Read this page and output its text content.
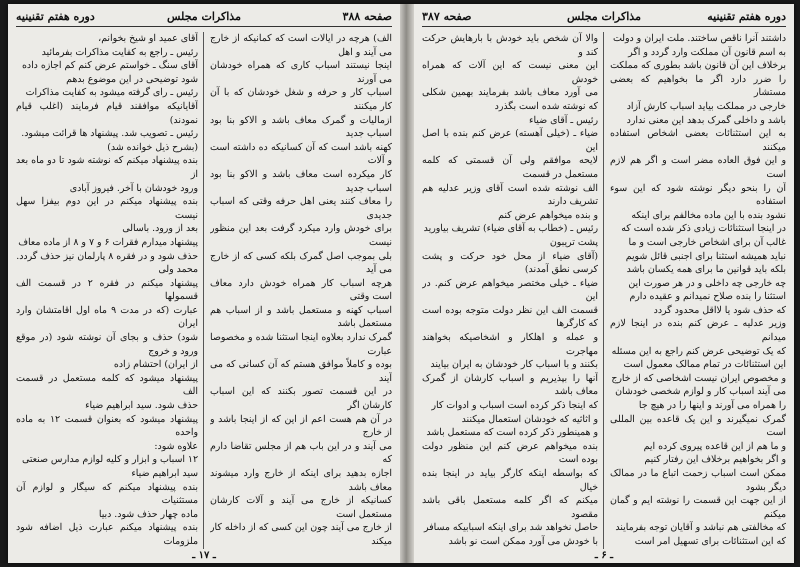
صفحه ۳۸۸
مذاکرات مجلس
دوره هفتم تقنینیه

الف) هرچه در ایالات است که کمانیکه از خارج می آیند و اهل

اینجا نیستند اسباب کاری که همراه خودشان می آورند

اسباب کار و حرفه و شغل خودشان که با آن کار میکنند

ازمالیات و گمرک معاف باشد و الاکو بنا بود اسباب جدید

کهنه باشد است که آن کسانیکه ده داشته است و آلات

کار میکرده است معاف باشد و الاکو بنا بود اسباب جدید

را معاف کنند یعنی اهل حرفه وقتی که اسباب جدیدی

برای خودش وارد میکرد گرفت بعد این منظور نیست

بلی بموجب اصل گمرک بلکه کسی که از خارج می آید

هرچه اسباب کار همراه خودش دارد معاف است وقتی

اسباب کهنه و مستعمل باشد و از اسباب هم مستعمل باشد

گمرک ندارد بعلاوه اینجا استثنا شده و مخصوصا عبارت

بوده و کاملاً موافق هستم که آن کسانی که می آیند

در این قسمت تصور بکنند که این اسباب کارشان اگر

در آن هم هست اعم از این که از اینجا باشد و از خارج

می آیند و در این باب هم از مجلس تقاضا دارم که

اجازه بدهید برای اینکه از خارج وارد میشوند معاف باشد

کسانیکه از خارج می آیند و آلات کارشان مستعمل است

از خارج می آیند چون این کسی که از داخله کار میکند

آقای عمید او شیخ بخوانم،

رئیس ـ راجع به کفایت مذاکرات بفرمائید

آقای سنگ ـ خواستم عرض کنم کم اجازه داده

شود توضیحی در این موضوع بدهم

رئیس ـ رای گرفته میشود به کفایت مذاکرات

آقایانیکه موافقند قیام فرمایند (اغلب قیام نمودند)

رئیس ـ تصویب شد. پیشنهاد ها قرائت میشود.

(بشرح ذیل خوانده شد)

بنده پیشنهاد میکنم که نوشته شود تا دو ماه بعد از

ورود خودشان با آخر. فیروز آبادی

بنده پیشنهاد میکنم در این دوم بیفزا سهل نیست

بعد از ورود. باسالی

پیشنهاد میدارم فقرات ۶ و ۷ و ۸ از ماده معاف

حذف شود و در فقره ۸ پارلمان نیز حذف گردد.

محمد ولی

پیشنهاد میکنم در فقره ۲ در قسمت الف قسمولها

عبارت (که در مدت ۹ ماه اول اقامتشان وارد ایران

شود) حذف و بجای آن نوشته شود (در موقع ورود و خروج

از ایران) احتشام زاده

پیشنهاد میشود که کلمه مستعمل در قسمت الف

حذف شود. سید ابراهیم ضیاء

پیشنهاد میشود که بعنوان قسمت ۱۲ به ماده واحده

علاوه شود:

۱۲ اسباب و ابزار و کلیه لوازم مدارس صنعتی

سید ابراهیم ضیاء

بنده پیشنهاد میکنم که سیگار و لوازم آن مستثنیات

ماده چهار حذف شود. دبیا

بنده پیشنهاد میکنم عبارت ذیل اضافه شود ملزومات

ـ ۱۷ ـ
صفحه ۳۸۷	مذاکرات مجلس	دوره هفتم تقنینیه

داشتند آنرا ناقص ساختند. ملت ایران و دولت

به اسم قانون آن مملکت وارد گردد و اگر

برخلاف این آن قانون باشد بطوری که مملکت

را ضرر دارد اگر ما بخواهیم که بعضی مستشار

خارجی در مملکت بیاید اسباب کارش آزاد

باشد و داخلی گمرک بدهد این معنی ندارد

به این استثنائات بعضی اشخاص استفاده میکنند

و این فوق العاده مضر است و اگر هم لازم است

آن را بنحو دیگر نوشته شود که این سوء استفاده

نشود بنده با این ماده مخالفم برای اینکه

در اینجا استثنائات زیادی ذکر شده است که

غالب آن برای اشخاص خارجی است و ما

نباید همیشه استثنا برای اجنبی قائل شویم

بلکه باید قوانین ما برای همه یکسان باشد

چه خارجی چه داخلی و در هر صورت این

استثنا را بنده صلاح نمیدانم و عقیده دارم

که حذف شود یا لااقل محدود گردد

وزیر عدلیه ـ عرض کنم بنده در اینجا لازم میدانم

که یک توضیحی عرض کنم راجع به این مسئله

این استثنائات در تمام ممالک معمول است

و مخصوص ایران نیست اشخاصی که از خارج

می آیند اسباب کار و لوازم شخصی خودشان

را همراه می آورند و اینها را در هیچ جا

گمرک نمیگیرند و این یک قاعده بین المللی است

و ما هم از این قاعده پیروی کرده ایم

و اگر بخواهیم برخلاف این رفتار کنیم

ممکن است اسباب زحمت اتباع ما در ممالک دیگر بشود

از این جهت این قسمت را نوشته ایم و گمان میکنم

که مخالفتی هم نباشد و آقایان توجه بفرمایند

که این استثنائات برای تسهیل امر است

والا آن شخص باید خودش با بارهایش حرکت کند و

این معنی نیست که این آلات که همراه خودش

می آورد معاف باشد بفرمایند بهمین شکلی که نوشته شده است بگذرد

رئیس ـ آقای ضیاء

ضیاء ـ (خیلی آهسته) عرض کنم بنده با اصل این

لایحه موافقم ولی آن قسمتی که کلمه مستعمل در قسمت

الف نوشته شده است آقای وزیر عدلیه هم تشریف دارند

و بنده میخواهم عرض کنم

رئیس ـ (خطاب به آقای ضیاء) تشریف بیاورید

پشت تریبون

(آقای ضیاء از محل خود حرکت و پشت کرسی نطق آمدند)

ضیاء ـ خیلی مختصر میخواهم عرض کنم. در این

قسمت الف این نظر دولت متوجه بوده است که کارگرها

و عمله و اهلکار و اشخاصیکه بخواهند مهاجرت

بکنند و با اسباب کار خودشان به ایران بیایند

آنها را بپذیریم و اسباب کارشان از گمرک معاف باشد

که اینجا ذکر کرده است اسباب و ادوات کار

و اثاثیه که خودشان استعمال میکنند

و همینطور ذکر کرده است که مستعمل باشد

بنده میخواهم عرض کنم این منظور دولت بوده است

که بواسطه اینکه کارگر بیاید در اینجا بنده خیال

میکنم که اگر کلمه مستعمل باقی باشد مقصود

حاصل نخواهد شد برای اینکه اسبابیکه مسافر

با خودش می آورد ممکن است نو باشد

ـ ۶ ـ
